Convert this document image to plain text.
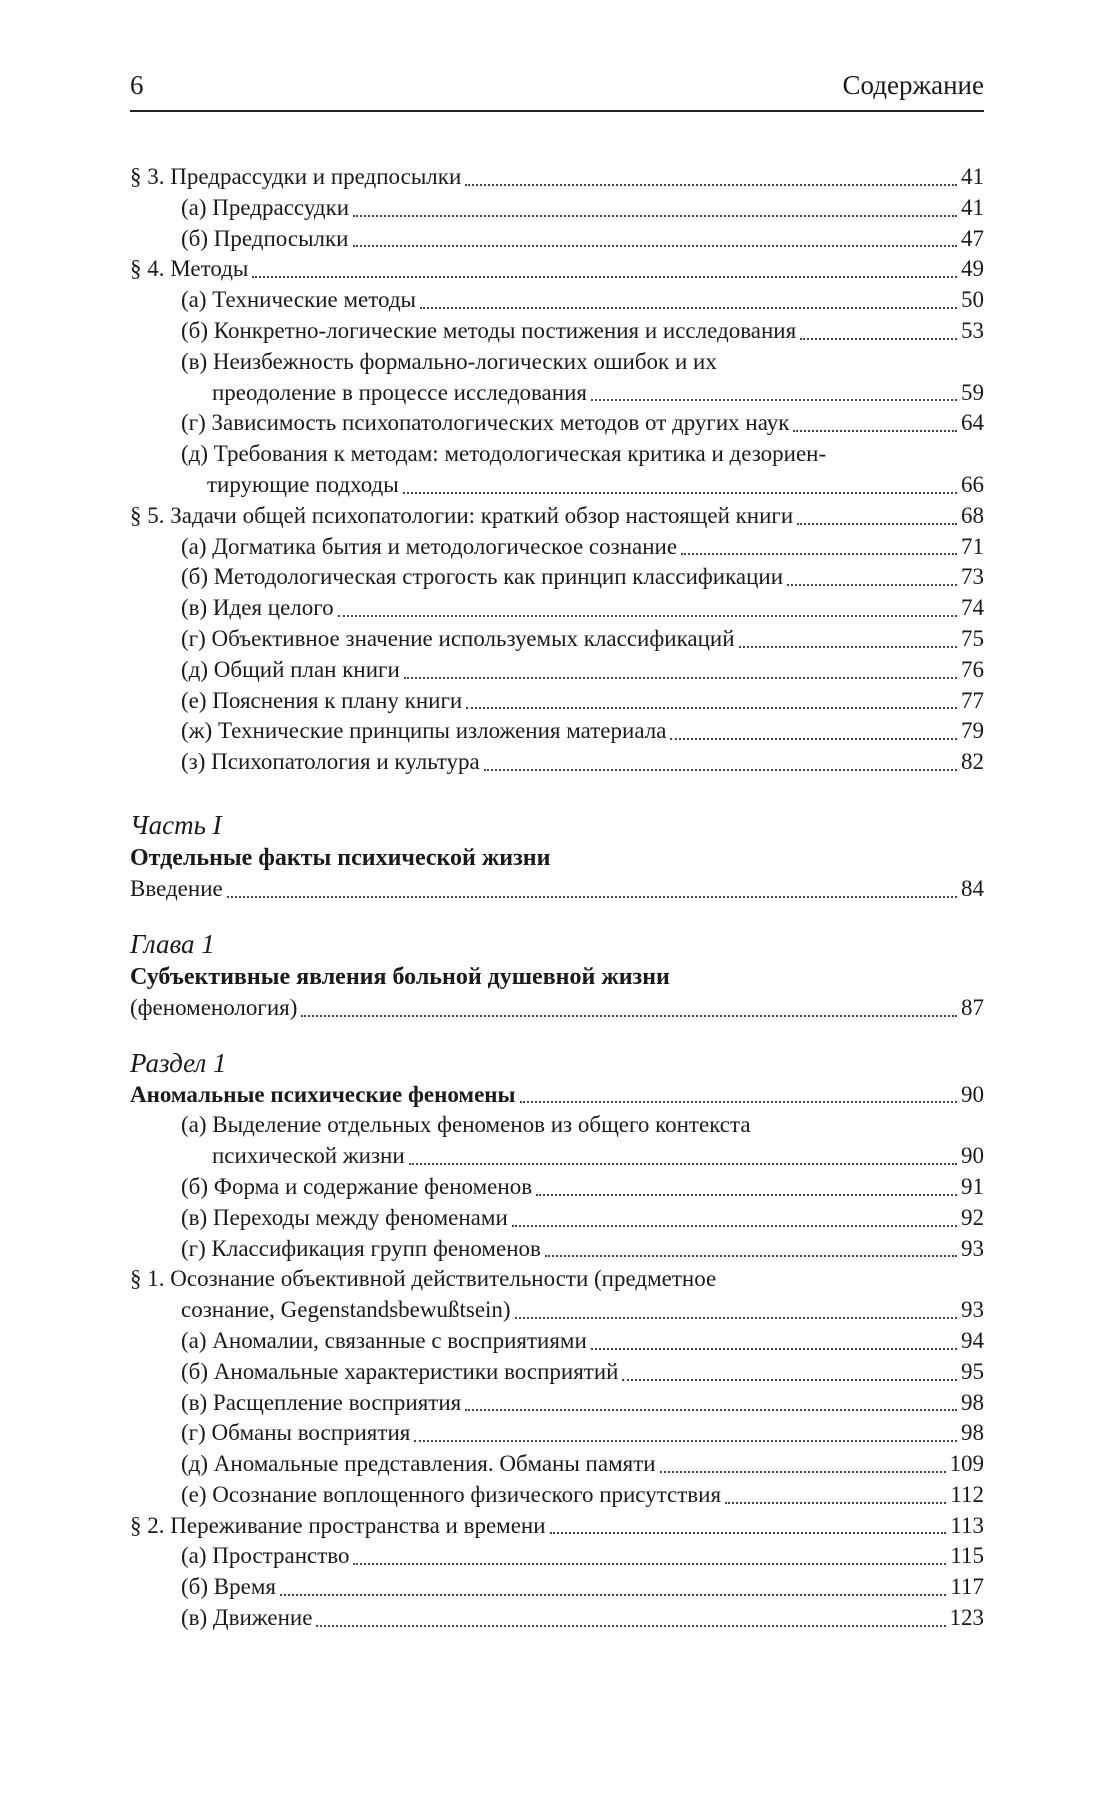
6	Содержание
§ 3. Предрассудки и предпосылки	41
(а) Предрассудки	41
(б) Предпосылки	47
§ 4. Методы	49
(а) Технические методы	50
(б) Конкретно-логические методы постижения и исследования	53
(в) Неизбежность формально-логических ошибок и их
преодоление в процессе исследования	59
(г) Зависимость психопатологических методов от других наук	64
(д) Требования к методам: методологическая критика и дезориен-
тирующие подходы	66
§ 5. Задачи общей психопатологии: краткий обзор настоящей книги	68
(а) Догматика бытия и методологическое сознание	71
(б) Методологическая строгость как принцип классификации	73
(в) Идея целого	74
(г) Объективное значение используемых классификаций	75
(д) Общий план книги	76
(е) Пояснения к плану книги	77
(ж) Технические принципы изложения материала	79
(з) Психопатология и культура	82
Часть I
Отдельные факты психической жизни
Введение	84
Глава 1
Субъективные явления больной душевной жизни
(феноменология)	87
Раздел 1
Аномальные психические феномены	90
(а) Выделение отдельных феноменов из общего контекста
психической жизни	90
(б) Форма и содержание феноменов	91
(в) Переходы между феноменами	92
(г) Классификация групп феноменов	93
§ 1. Осознание объективной действительности (предметное
сознание, Gegenstandsbewußtsein)	93
(а) Аномалии, связанные с восприятиями	94
(б) Аномальные характеристики восприятий	95
(в) Расщепление восприятия	98
(г) Обманы восприятия	98
(д) Аномальные представления. Обманы памяти	109
(е) Осознание воплощенного физического присутствия	112
§ 2. Переживание пространства и времени	113
(а) Пространство	115
(б) Время	117
(в) Движение	123
